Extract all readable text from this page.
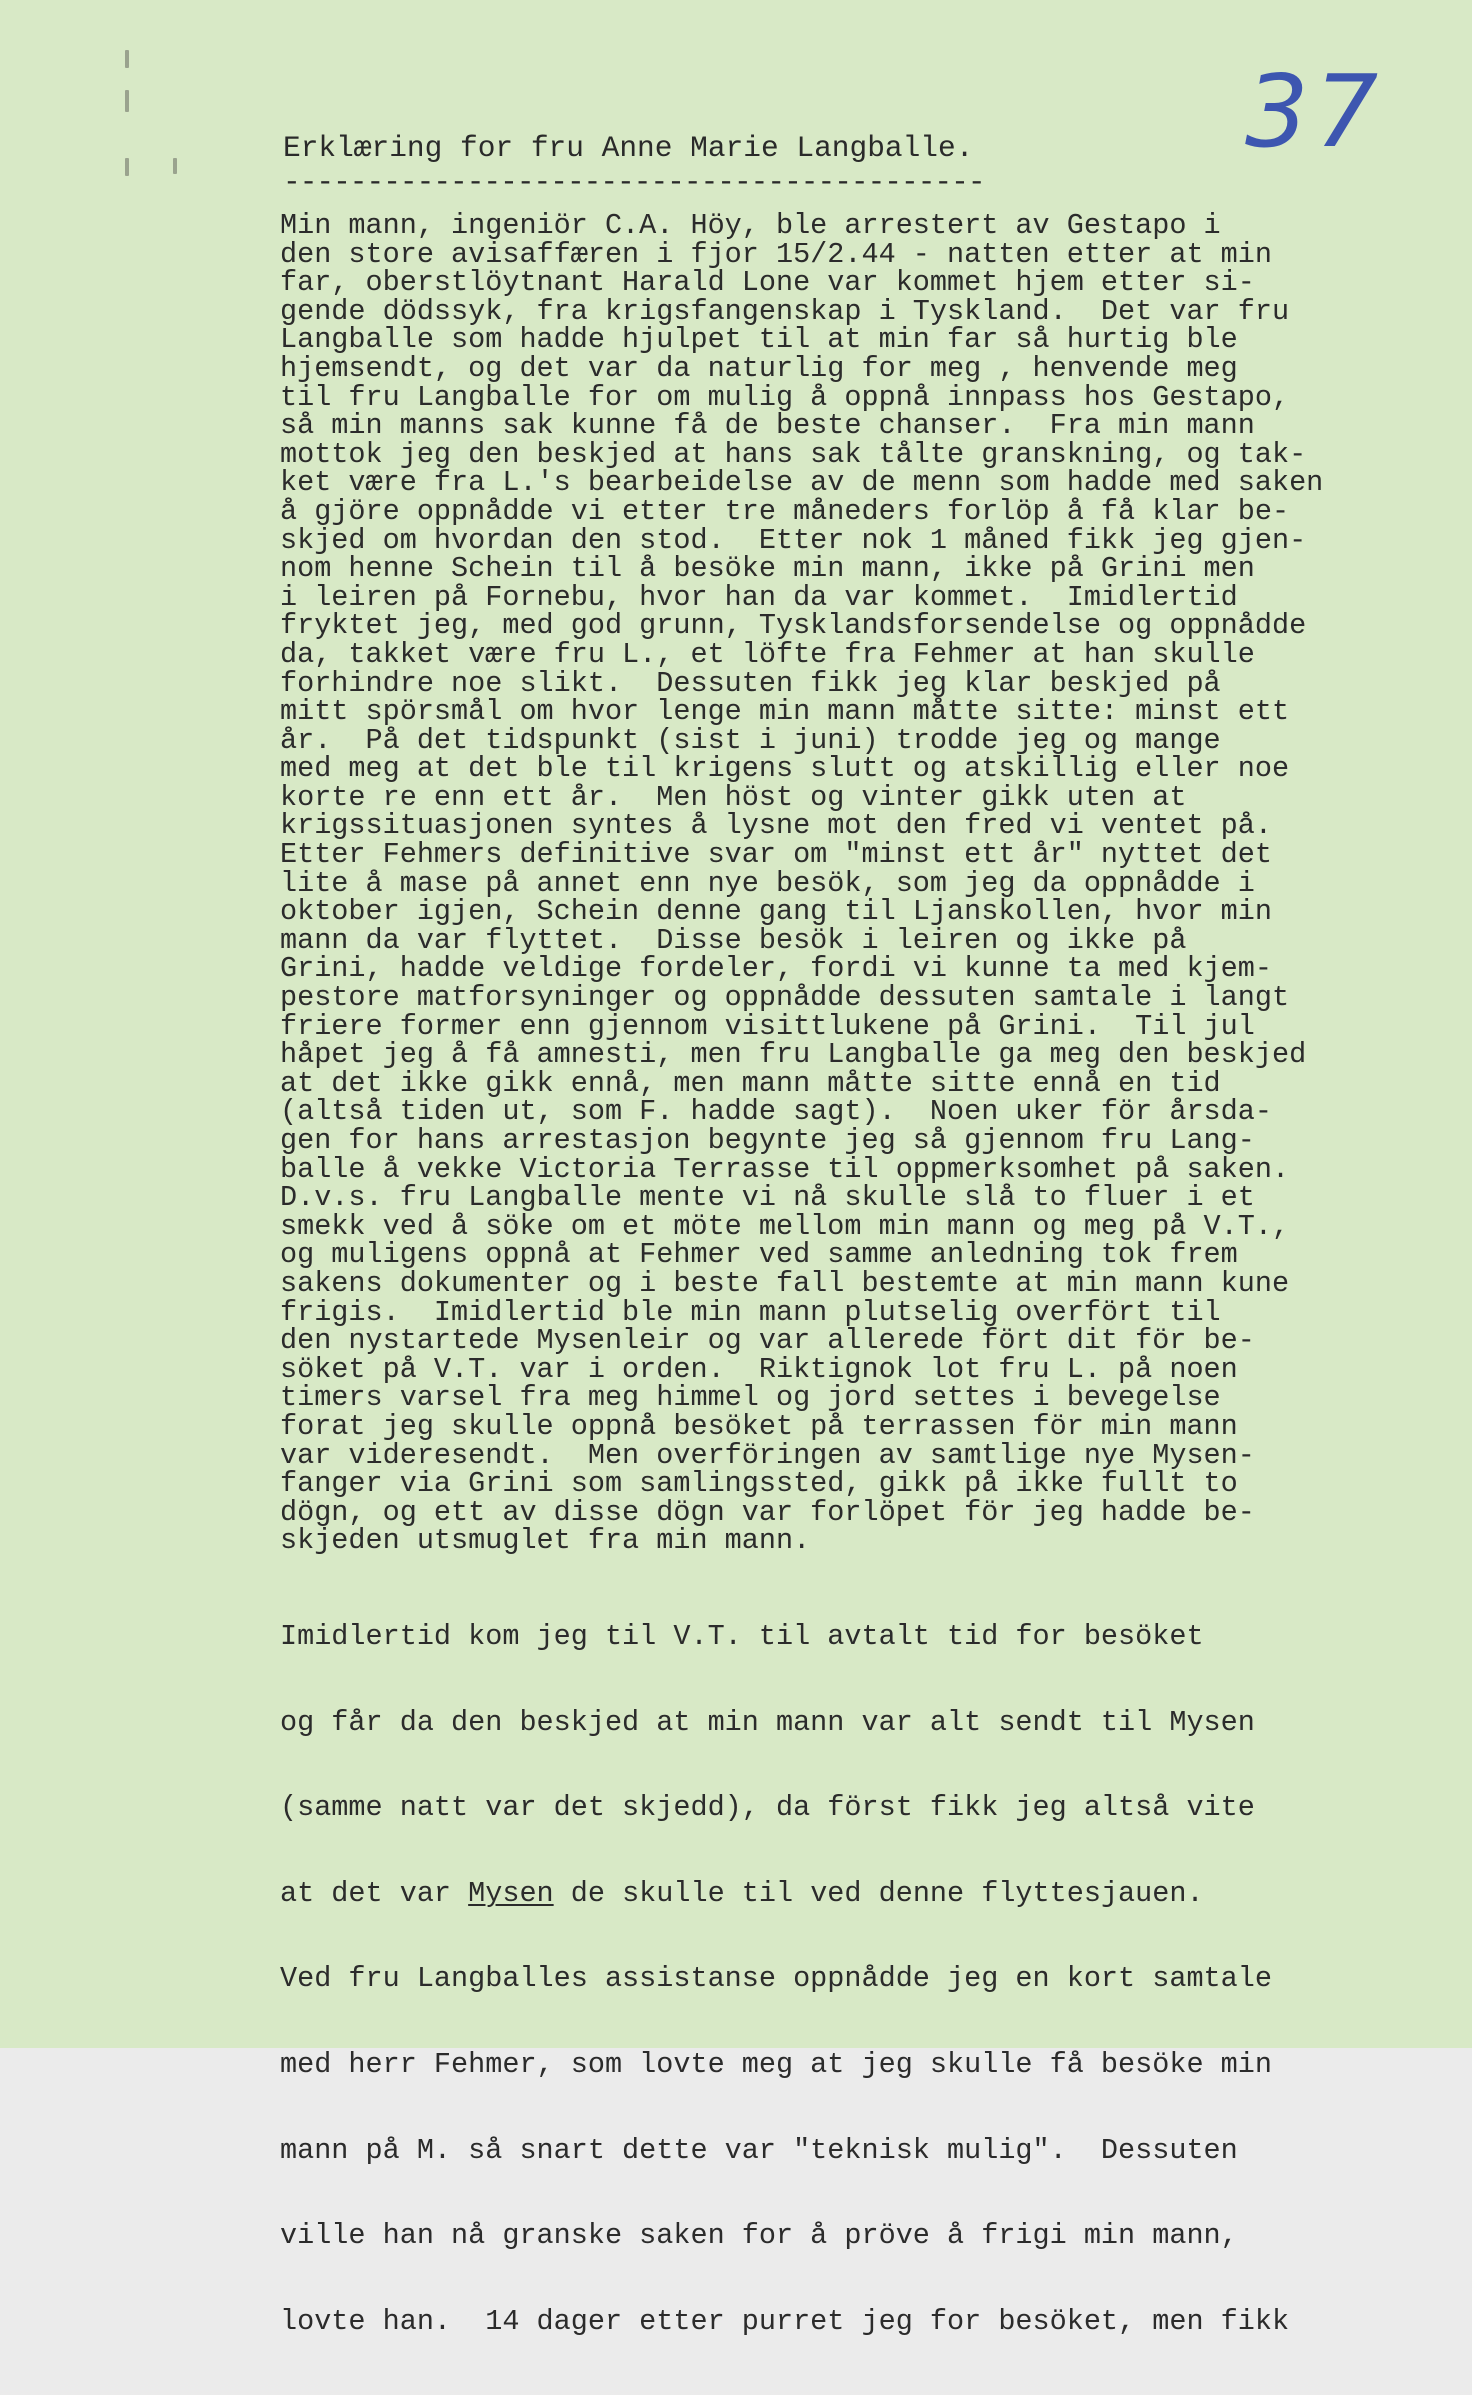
37
Erklæring for fru Anne Marie Langballe.
------------------------------------------
Min mann, ingeniör C.A. Höy, ble arrestert av Gestapo i
den store avisaffæren i fjor 15/2.44 - natten etter at min
far, oberstlöytnant Harald Lone var kommet hjem etter si-
gende dödssyk, fra krigsfangenskap i Tyskland.  Det var fru
Langballe som hadde hjulpet til at min far så hurtig ble
hjemsendt, og det var da naturlig for meg , henvende meg
til fru Langballe for om mulig å oppnå innpass hos Gestapo,
så min manns sak kunne få de beste chanser.  Fra min mann
mottok jeg den beskjed at hans sak tålte granskning, og tak-
ket være fra L.'s bearbeidelse av de menn som hadde med saken
å gjöre oppnådde vi etter tre måneders forlöp å få klar be-
skjed om hvordan den stod.  Etter nok 1 måned fikk jeg gjen-
nom henne Schein til å besöke min mann, ikke på Grini men
i leiren på Fornebu, hvor han da var kommet.  Imidlertid
fryktet jeg, med god grunn, Tysklandsforsendelse og oppnådde
da, takket være fru L., et löfte fra Fehmer at han skulle
forhindre noe slikt.  Dessuten fikk jeg klar beskjed på
mitt spörsmål om hvor lenge min mann måtte sitte: minst ett
år.  På det tidspunkt (sist i juni) trodde jeg og mange
med meg at det ble til krigens slutt og atskillig eller noe
korte re enn ett år.  Men höst og vinter gikk uten at
krigssituasjonen syntes å lysne mot den fred vi ventet på.
Etter Fehmers definitive svar om "minst ett år" nyttet det
lite å mase på annet enn nye besök, som jeg da oppnådde i
oktober igjen, Schein denne gang til Ljanskollen, hvor min
mann da var flyttet.  Disse besök i leiren og ikke på
Grini, hadde veldige fordeler, fordi vi kunne ta med kjem-
pestore matforsyninger og oppnådde dessuten samtale i langt
friere former enn gjennom visittlukene på Grini.  Til jul
håpet jeg å få amnesti, men fru Langballe ga meg den beskjed
at det ikke gikk ennå, men mann måtte sitte ennå en tid
(altså tiden ut, som F. hadde sagt).  Noen uker för årsda-
gen for hans arrestasjon begynte jeg så gjennom fru Lang-
balle å vekke Victoria Terrasse til oppmerksomhet på saken.
D.v.s. fru Langballe mente vi nå skulle slå to fluer i et
smekk ved å söke om et möte mellom min mann og meg på V.T.,
og muligens oppnå at Fehmer ved samme anledning tok frem
sakens dokumenter og i beste fall bestemte at min mann kune
frigis.  Imidlertid ble min mann plutselig overfört til
den nystartede Mysenleir og var allerede fört dit för be-
söket på V.T. var i orden.  Riktignok lot fru L. på noen
timers varsel fra meg himmel og jord settes i bevegelse
forat jeg skulle oppnå besöket på terrassen för min mann
var videresendt.  Men overföringen av samtlige nye Mysen-
fanger via Grini som samlingssted, gikk på ikke fullt to
dögn, og ett av disse dögn var forlöpet för jeg hadde be-
skjeden utsmuglet fra min mann.

Imidlertid kom jeg til V.T. til avtalt tid for besöket

og får da den beskjed at min mann var alt sendt til Mysen

(samme natt var det skjedd), da först fikk jeg altså vite

at det var Mysen de skulle til ved denne flyttesjauen.

Ved fru Langballes assistanse oppnådde jeg en kort samtale

med herr Fehmer, som lovte meg at jeg skulle få besöke min

mann på M. så snart dette var "teknisk mulig".  Dessuten

ville han nå granske saken for å pröve å frigi min mann,

lovte han.  14 dager etter purret jeg for besöket, men fikk
